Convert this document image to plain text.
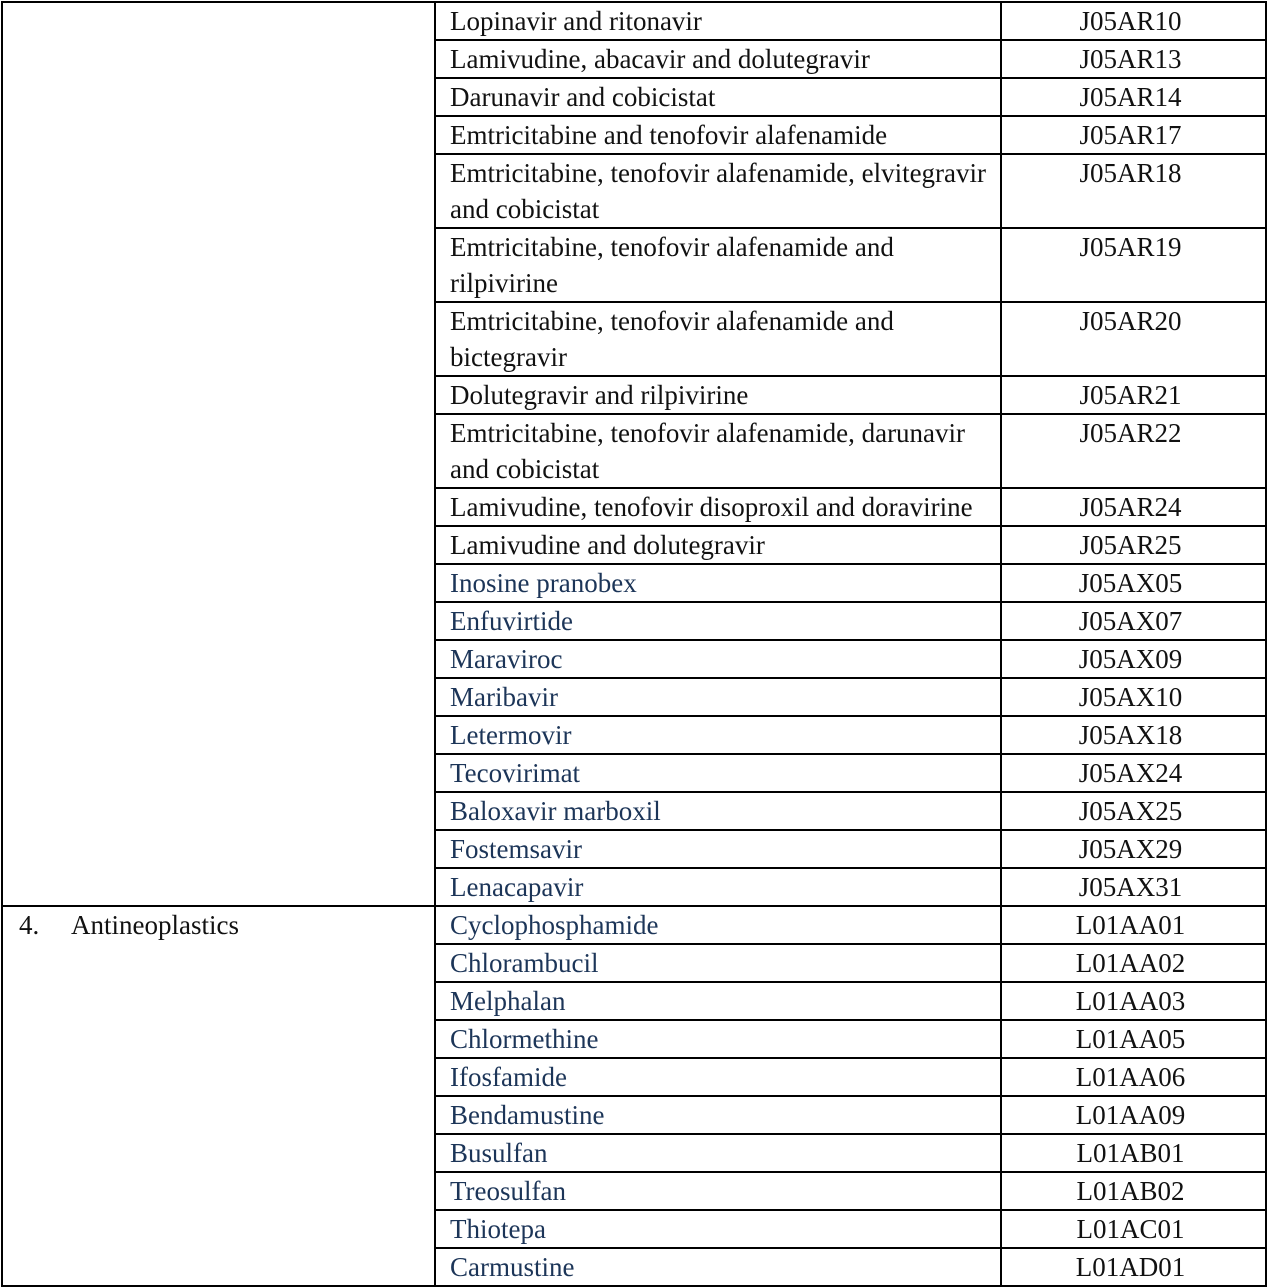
	Lopinavir and ritonavir	J05AR10
	Lamivudine, abacavir and dolutegravir	J05AR13
	Darunavir and cobicistat	J05AR14
	Emtricitabine and tenofovir alafenamide	J05AR17
	Emtricitabine, tenofovir alafenamide, elvitegravir and cobicistat	J05AR18
	Emtricitabine, tenofovir alafenamide and rilpivirine	J05AR19
	Emtricitabine, tenofovir alafenamide and bictegravir	J05AR20
	Dolutegravir and rilpivirine	J05AR21
	Emtricitabine, tenofovir alafenamide, darunavir and cobicistat	J05AR22
	Lamivudine, tenofovir disoproxil and doravirine	J05AR24
	Lamivudine and dolutegravir	J05AR25
	Inosine pranobex	J05AX05
	Enfuvirtide	J05AX07
	Maraviroc	J05AX09
	Maribavir	J05AX10
	Letermovir	J05AX18
	Tecovirimat	J05AX24
	Baloxavir marboxil	J05AX25
	Fostemsavir	J05AX29
	Lenacapavir	J05AX31
4. Antineoplastics	Cyclophosphamide	L01AA01
	Chlorambucil	L01AA02
	Melphalan	L01AA03
	Chlormethine	L01AA05
	Ifosfamide	L01AA06
	Bendamustine	L01AA09
	Busulfan	L01AB01
	Treosulfan	L01AB02
	Thiotepa	L01AC01
	Carmustine	L01AD01
